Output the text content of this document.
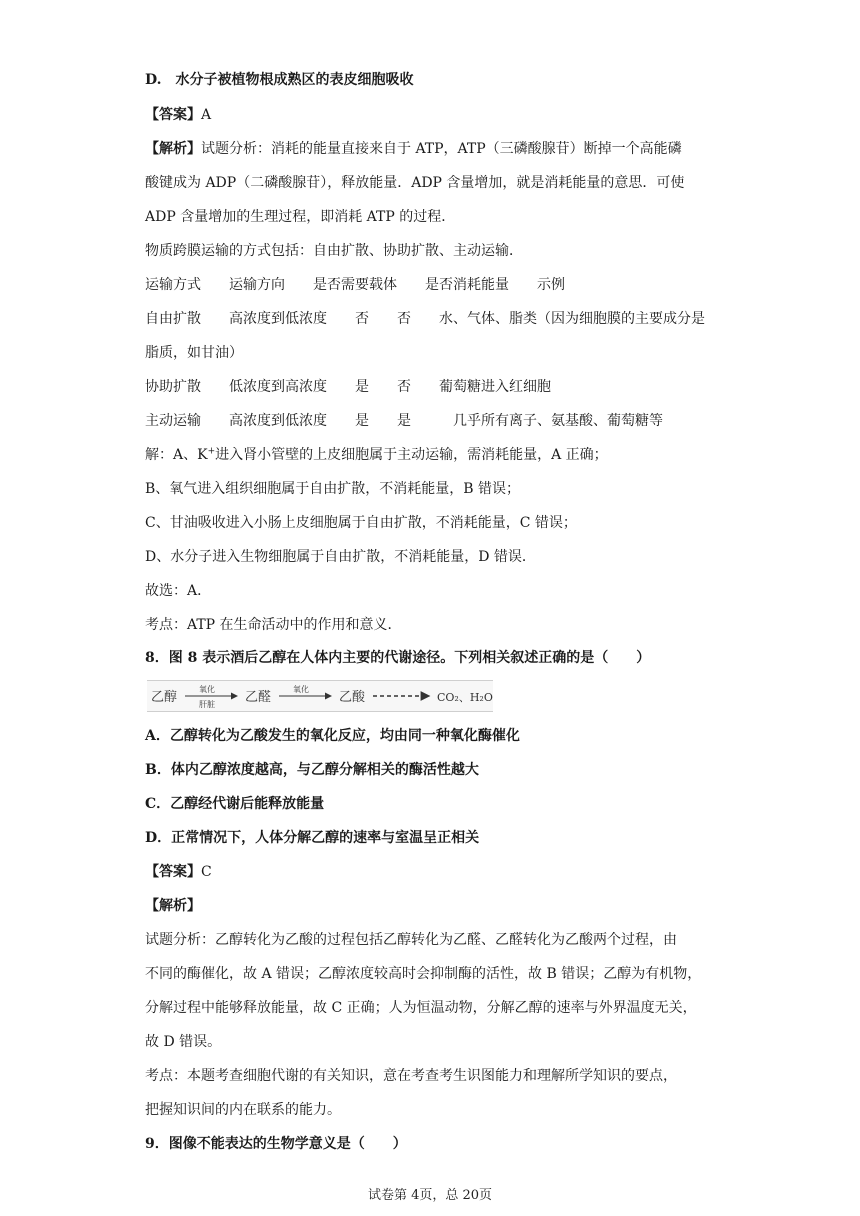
D.　水分子被植物根成熟区的表皮细胞吸收
【答案】A
【解析】试题分析：消耗的能量直接来自于 ATP，ATP（三磷酸腺苷）断掉一个高能磷
酸键成为 ADP（二磷酸腺苷），释放能量．ADP 含量增加，就是消耗能量的意思．可使
ADP 含量增加的生理过程，即消耗 ATP 的过程．
物质跨膜运输的方式包括：自由扩散、协助扩散、主动运输．
运输方式　　运输方向　　是否需要载体　　是否消耗能量　　示例
自由扩散　　高浓度到低浓度　　否　　否　　水、气体、脂类（因为细胞膜的主要成分是
脂质，如甘油）
协助扩散　　低浓度到高浓度　　是　　否　　葡萄糖进入红细胞
主动运输　　高浓度到低浓度　　是　　是　　　几乎所有离子、氨基酸、葡萄糖等
解：A、K+进入肾小管壁的上皮细胞属于主动运输，需消耗能量，A 正确；
B、氧气进入组织细胞属于自由扩散，不消耗能量，B 错误；
C、甘油吸收进入小肠上皮细胞属于自由扩散，不消耗能量，C 错误；
D、水分子进入生物细胞属于自由扩散，不消耗能量，D 错误．
故选：A．
考点：ATP 在生命活动中的作用和意义．
8．图 8 表示酒后乙醇在人体内主要的代谢途径。下列相关叙述正确的是（　　）
乙醇
氧化
肝脏 乙醛
氧化
乙酸	CO₂、H₂O
A．乙醇转化为乙酸发生的氧化反应，均由同一种氧化酶催化
B．体内乙醇浓度越高，与乙醇分解相关的酶活性越大
C．乙醇经代谢后能释放能量
D．正常情况下，人体分解乙醇的速率与室温呈正相关
【答案】C
【解析】
试题分析：乙醇转化为乙酸的过程包括乙醇转化为乙醛、乙醛转化为乙酸两个过程，由
不同的酶催化，故 A 错误；乙醇浓度较高时会抑制酶的活性，故 B 错误；乙醇为有机物，
分解过程中能够释放能量，故 C 正确；人为恒温动物，分解乙醇的速率与外界温度无关，
故 D 错误。
考点：本题考查细胞代谢的有关知识，意在考查考生识图能力和理解所学知识的要点，
把握知识间的内在联系的能力。
9．图像不能表达的生物学意义是（　　）
试卷第 4页，总 20页
